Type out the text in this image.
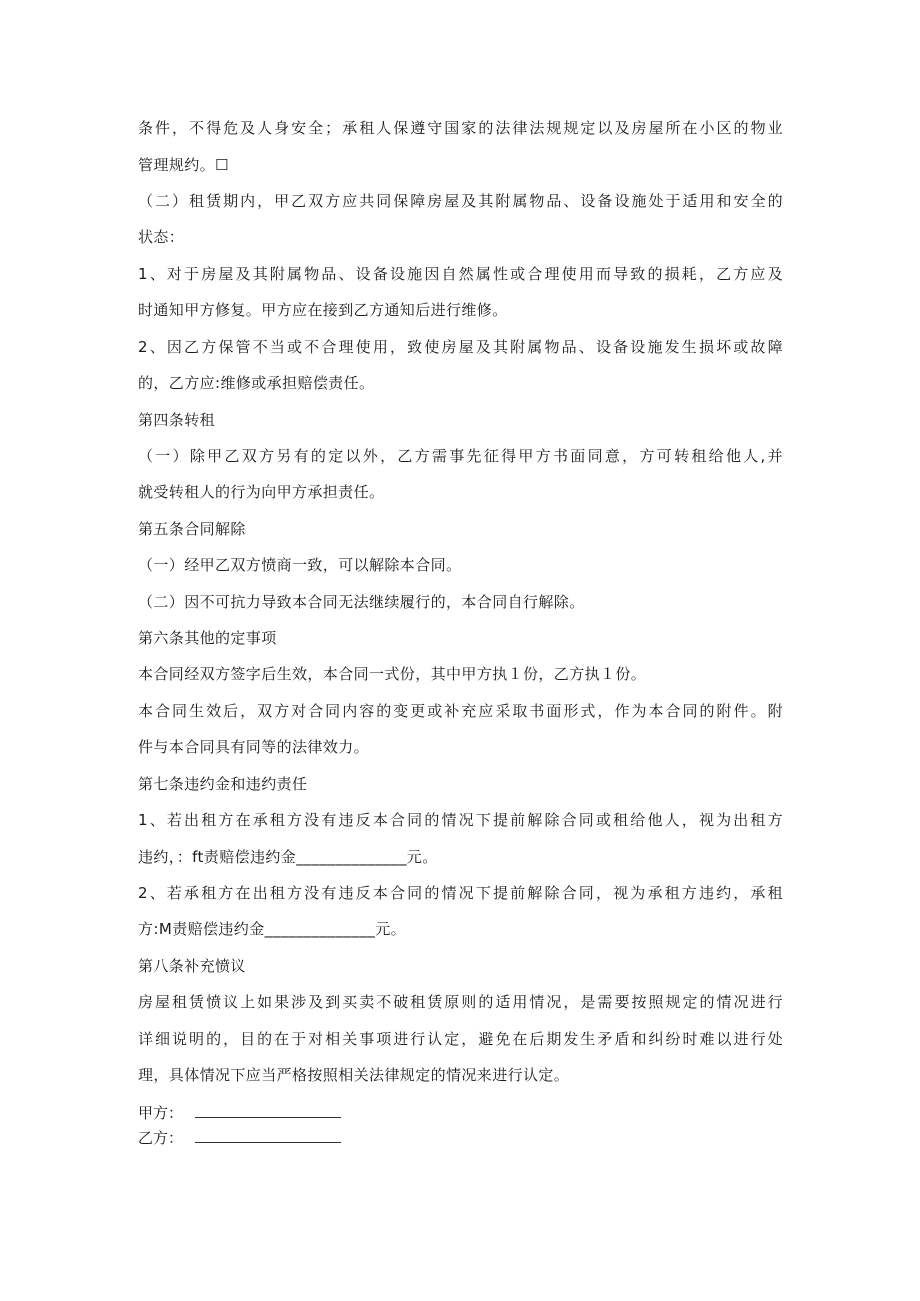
条件，不得危及人身安全；承租人保遵守国家的法律法规规定以及房屋所在小区的物业
管理规约。☐
（二）租赁期内，甲乙双方应共同保障房屋及其附属物品、设备设施处于适用和安全的
状态：
1、对于房屋及其附属物品、设备设施因自然属性或合理使用而导致的损耗，乙方应及
时通知甲方修复。甲方应在接到乙方通知后进行维修。
2、因乙方保管不当或不合理使用，致使房屋及其附属物品、设备设施发生损坏或故障
的，乙方应:维修或承担赔偿责任。
第四条转租
（一）除甲乙双方另有的定以外，乙方需事先征得甲方书面同意，方可转租给他人,并
就受转租人的行为向甲方承担责任。
第五条合同解除
（一）经甲乙双方愤商一致，可以解除本合同。
（二）因不可抗力导致本合同无法继续履行的，本合同自行解除。
第六条其他的定事项
本合同经双方签字后生效，本合同一式份，其中甲方执１份，乙方执１份。
本合同生效后，双方对合同内容的变更或补充应采取书面形式，作为本合同的附件。附
件与本合同具有同等的法律效力。
第七条违约金和违约责任
1、若出租方在承租方没有违反本合同的情况下提前解除合同或租给他人，视为出租方
违约，：ft责赔偿违约金______________元。
2、若承租方在出租方没有违反本合同的情况下提前解除合同，视为承租方违约，承租
方:M责赔偿违约金______________元。
第八条补充愤议
房屋租赁愤议上如果涉及到买卖不破租赁原则的适用情况，是需要按照规定的情况进行
详细说明的，目的在于对相关事项进行认定，避免在后期发生矛盾和纠纷时难以进行处
理，具体情况下应当严格按照相关法律规定的情况来进行认定。
甲方：
乙方：
